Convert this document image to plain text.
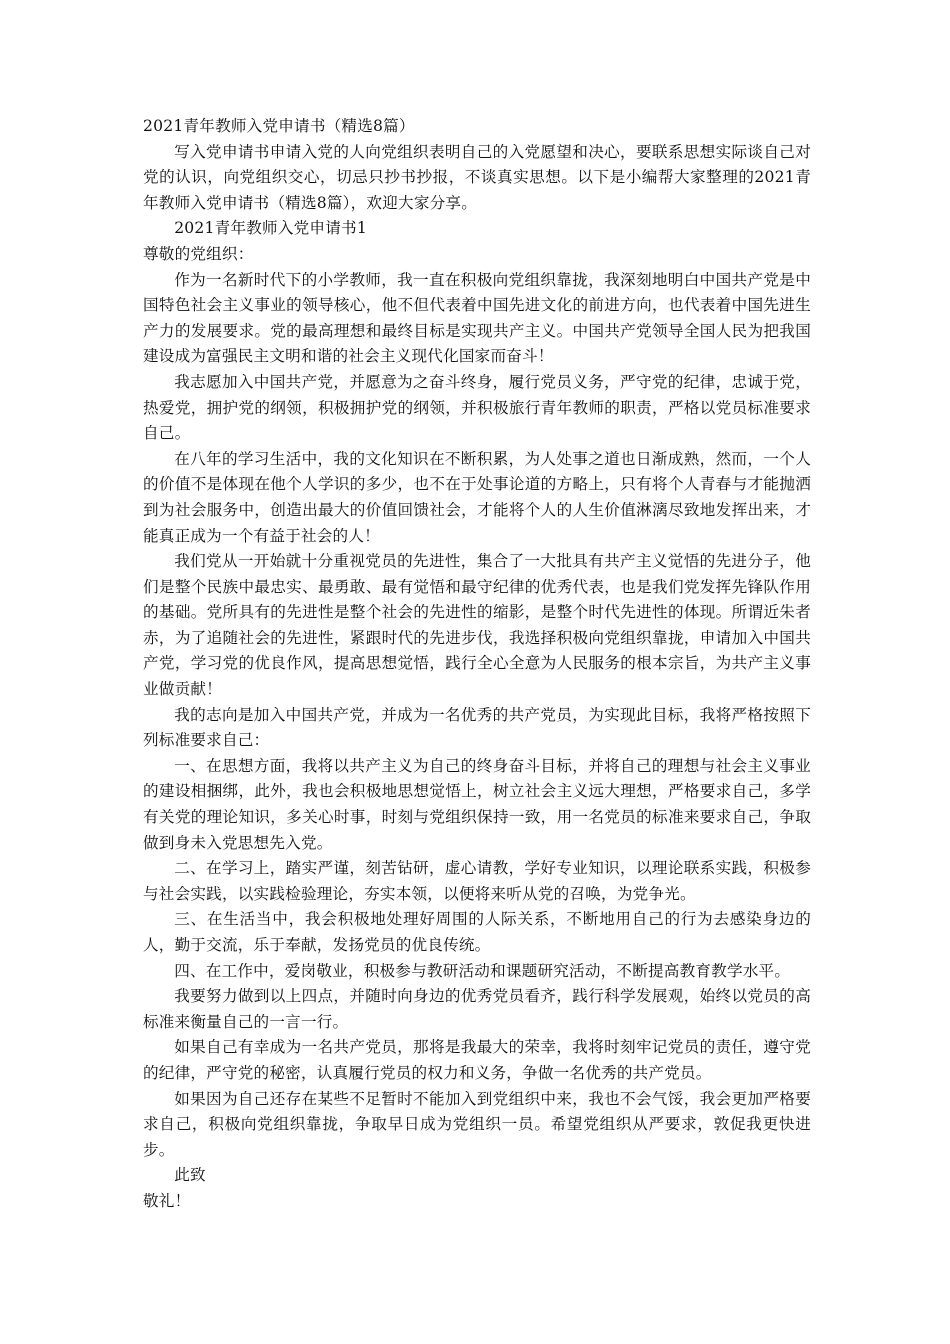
2021青年教师入党申请书（精选8篇）

写入党申请书申请入党的人向党组织表明自己的入党愿望和决心，要联系思想实际谈自己对党的认识，向党组织交心，切忌只抄书抄报，不谈真实思想。以下是小编帮大家整理的2021青年教师入党申请书（精选8篇），欢迎大家分享。

2021青年教师入党申请书1

尊敬的党组织：

作为一名新时代下的小学教师，我一直在积极向党组织靠拢，我深刻地明白中国共产党是中国特色社会主义事业的领导核心，他不但代表着中国先进文化的前进方向，也代表着中国先进生产力的发展要求。党的最高理想和最终目标是实现共产主义。中国共产党领导全国人民为把我国建设成为富强民主文明和谐的社会主义现代化国家而奋斗！

我志愿加入中国共产党，并愿意为之奋斗终身，履行党员义务，严守党的纪律，忠诚于党，热爱党，拥护党的纲领，积极拥护党的纲领，并积极旅行青年教师的职责，严格以党员标准要求自己。

在八年的学习生活中，我的文化知识在不断积累，为人处事之道也日渐成熟，然而，一个人的价值不是体现在他个人学识的多少，也不在于处事论道的方略上，只有将个人青春与才能抛洒到为社会服务中，创造出最大的价值回馈社会，才能将个人的人生价值淋漓尽致地发挥出来，才能真正成为一个有益于社会的人！

我们党从一开始就十分重视党员的先进性，集合了一大批具有共产主义觉悟的先进分子，他们是整个民族中最忠实、最勇敢、最有觉悟和最守纪律的优秀代表，也是我们党发挥先锋队作用的基础。党所具有的先进性是整个社会的先进性的缩影，是整个时代先进性的体现。所谓近朱者赤，为了追随社会的先进性，紧跟时代的先进步伐，我选择积极向党组织靠拢，申请加入中国共产党，学习党的优良作风，提高思想觉悟，践行全心全意为人民服务的根本宗旨，为共产主义事业做贡献！

我的志向是加入中国共产党，并成为一名优秀的共产党员，为实现此目标，我将严格按照下列标准要求自己：

一、在思想方面，我将以共产主义为自己的终身奋斗目标，并将自己的理想与社会主义事业的建设相捆绑，此外，我也会积极地思想觉悟上，树立社会主义远大理想，严格要求自己，多学有关党的理论知识，多关心时事，时刻与党组织保持一致，用一名党员的标准来要求自己，争取做到身未入党思想先入党。

二、在学习上，踏实严谨，刻苦钻研，虚心请教，学好专业知识，以理论联系实践，积极参与社会实践，以实践检验理论，夯实本领，以便将来听从党的召唤，为党争光。

三、在生活当中，我会积极地处理好周围的人际关系，不断地用自己的行为去感染身边的人，勤于交流，乐于奉献，发扬党员的优良传统。

四、在工作中，爱岗敬业，积极参与教研活动和课题研究活动，不断提高教育教学水平。

我要努力做到以上四点，并随时向身边的优秀党员看齐，践行科学发展观，始终以党员的高标准来衡量自己的一言一行。

如果自己有幸成为一名共产党员，那将是我最大的荣幸，我将时刻牢记党员的责任，遵守党的纪律，严守党的秘密，认真履行党员的权力和义务，争做一名优秀的共产党员。

如果因为自己还存在某些不足暂时不能加入到党组织中来，我也不会气馁，我会更加严格要求自己，积极向党组织靠拢，争取早日成为党组织一员。希望党组织从严要求，敦促我更快进步。

此致

敬礼！
